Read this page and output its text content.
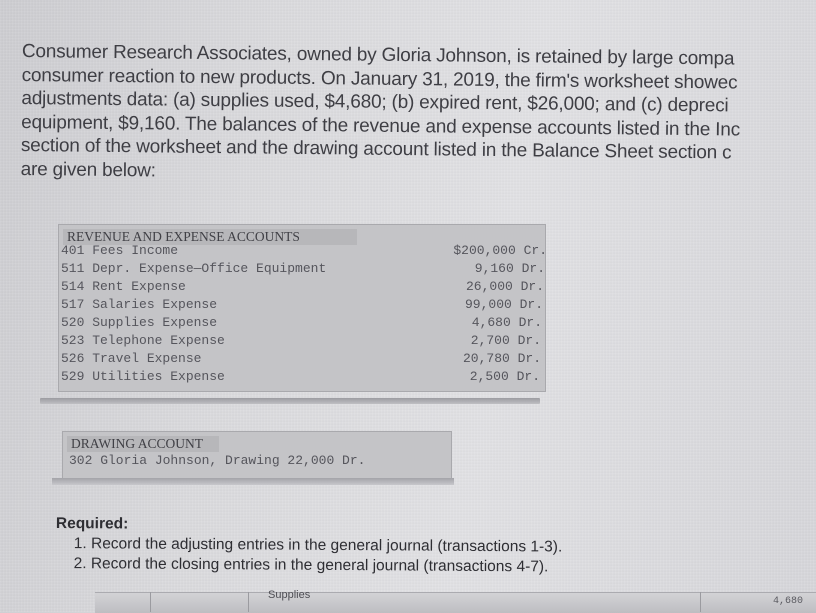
Consumer Research Associates, owned by Gloria Johnson, is retained by large compa
consumer reaction to new products. On January 31, 2019, the firm's worksheet showec
adjustments data: (a) supplies used, $4,680; (b) expired rent, $26,000; and (c) depreci
equipment, $9,160. The balances of the revenue and expense accounts listed in the Inc
section of the worksheet and the drawing account listed in the Balance Sheet section c
are given below:
REVENUE AND EXPENSE ACCOUNTS
401 Fees Income	$200,000 Cr.
511 Depr. Expense—Office Equipment	9,160 Dr.
514 Rent Expense	26,000 Dr.
517 Salaries Expense	99,000 Dr.
520 Supplies Expense	4,680 Dr.
523 Telephone Expense	2,700 Dr.
526 Travel Expense	20,780 Dr.
529 Utilities Expense	2,500 Dr.
DRAWING ACCOUNT
302 Gloria Johnson, Drawing 22,000 Dr.
Required:
1. Record the adjusting entries in the general journal (transactions 1-3).
2. Record the closing entries in the general journal (transactions 4-7).
Supplies
4,680
